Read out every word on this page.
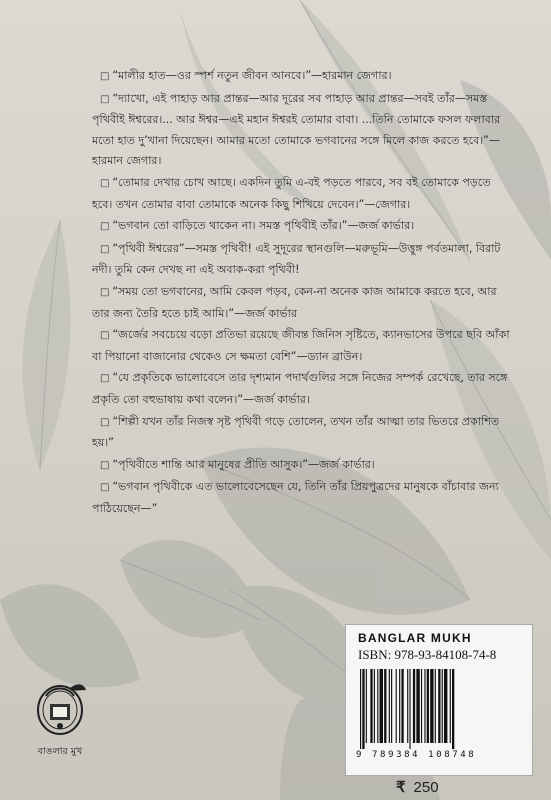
□ “মালীর হাত—ওর স্পর্শ নতুন জীবন আনবে।”—হারমান জেগার।

□ “দ্যাখো, এই পাহাড় আর প্রান্তর—আর দূরের সব পাহাড় আর প্রান্তর—সবই তাঁর—সমস্ত পৃথিবীই ঈশ্বরের।... আর ঈশ্বর—এই মহান ঈশ্বরই তোমার বাবা। ...তিনি তোমাকে ফসল ফলাবার মতো হাত দু’খানা দিয়েছেন। আমার মতো তোমাকে ভগবানের সঙ্গে মিলে কাজ করতে হবে।”—হারমান জেগার।

□ “তোমার দেখার চোখ আছে। একদিন তুমি এ-বই পড়তে পারবে, সব বই তোমাকে পড়তে হবে। তখন তোমার বাবা তোমাকে অনেক কিছু শিখিয়ে দেবেন।”—জেগার।

□ “ভগবান তো বাড়িতে থাকেন না। সমস্ত পৃথিবীই তাঁর।”—জর্জ কার্ভার।

□ “পৃথিবী ঈশ্বরের”—সমস্ত পৃথিবী! এই সুদূরের স্থানগুলি—মরুভূমি—উত্তুঙ্গ পর্বতমালা, বিরাট নদী। তুমি কেন দেখছ না এই অবাক-করা পৃথিবী!

□ “সময় তো ভগবানের, আমি কেবল পড়ব, কেন-না অনেক কাজ আমাকে করতে হবে, আর তার জন্য তৈরি হতে চাই আমি।”—জর্জ কার্ভার

□ “জর্জের সবচেয়ে বড়ো প্রতিভা রয়েছে জীবন্ত জিনিস সৃষ্টিতে, ক্যানভাসের উপরে ছবি আঁকা বা পিয়ানো বাজানোর থেকেও সে ক্ষমতা বেশি”—ড্যান ব্রাউন।

□ “যে প্রকৃতিকে ভালোবেসে তার দৃশ্যমান পদার্থগুলির সঙ্গে নিজের সম্পর্ক রেখেছে, তার সঙ্গে প্রকৃতি তো বহুভাষায় কথা বলেন।”—জর্জ কার্ভার।

□ “শিল্পী যখন তাঁর নিজস্ব সৃষ্ট পৃথিবী গড়ে তোলেন, তখন তাঁর আত্মা তার ভিতরে প্রকাশিত হয়।”

□ “পৃথিবীতে শান্তি আর মানুষের প্রীতি আসুক।”—জর্জ কার্ভার।

□ “ভগবান পৃথিবীকে এত ভালোবেসেছেন যে, তিনি তাঁর প্রিয়পুত্রদের মানুষকে বাঁচাবার জন্য পাঠিয়েছেন—”

বাঙলার মুখ
BANGLAR MUKH
ISBN: 978-93-84108-74-8
9 789384 108748
₹ 250
